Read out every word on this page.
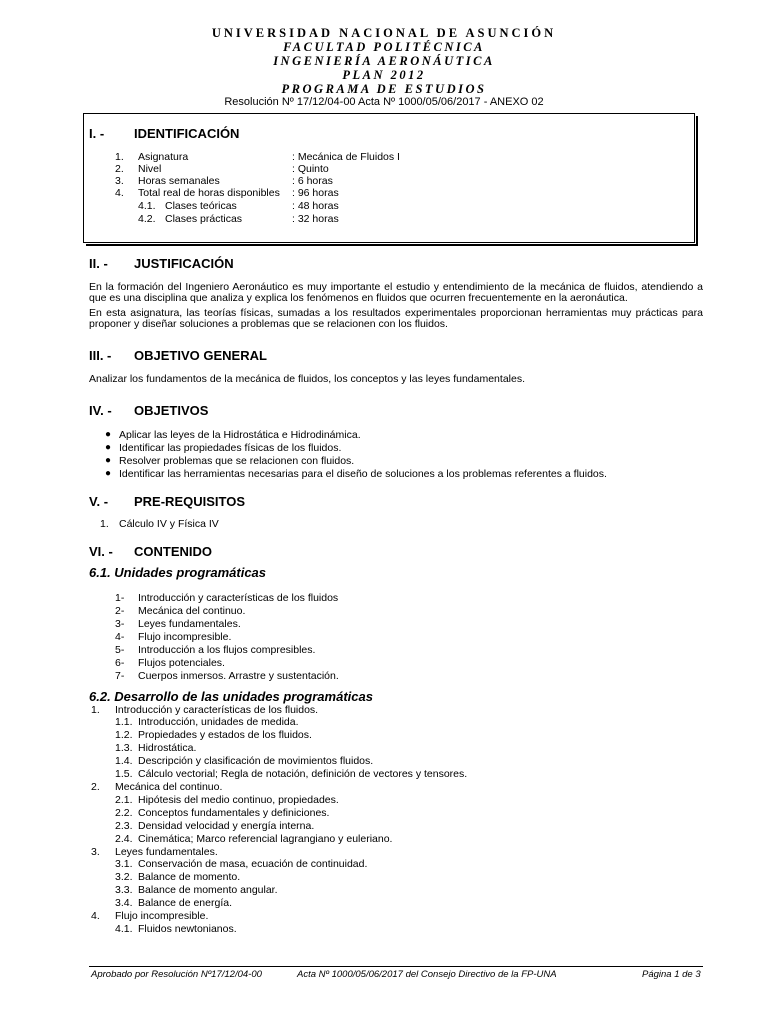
UNIVERSIDAD NACIONAL DE ASUNCIÓN
FACULTAD POLITÉCNICA
INGENIERÍA AERONÁUTICA
PLAN 2012
PROGRAMA DE ESTUDIOS
Resolución Nº 17/12/04-00 Acta Nº 1000/05/06/2017 - ANEXO 02
I. -	IDENTIFICACIÓN
1. Asignatura	: Mecánica de Fluidos I
2. Nivel	: Quinto
3. Horas semanales	: 6 horas
4. Total real de horas disponibles : 96 horas
4.1. Clases teóricas	: 48 horas
4.2. Clases prácticas	: 32 horas
II. -	JUSTIFICACIÓN
En la formación del Ingeniero Aeronáutico es muy importante el estudio y entendimiento de la mecánica de fluidos, atendiendo a que es una disciplina que analiza y explica los fenómenos en fluidos que ocurren frecuentemente en la aeronáutica.
En esta asignatura, las teorías físicas, sumadas a los resultados experimentales proporcionan herramientas muy prácticas para proponer y diseñar soluciones a problemas que se relacionen con los fluidos.
III. -	OBJETIVO GENERAL
Analizar los fundamentos de la mecánica de fluidos, los conceptos y las leyes fundamentales.
IV. -	OBJETIVOS
● Aplicar las leyes de la Hidrostática e Hidrodinámica.
● Identificar las propiedades físicas de los fluidos.
● Resolver problemas que se relacionen con fluidos.
● Identificar las herramientas necesarias para el diseño de soluciones a los problemas referentes a fluidos.
V. -	PRE-REQUISITOS
1. Cálculo IV y Física IV
VI. -	CONTENIDO
6.1. Unidades programáticas
1- Introducción y características de los fluidos
2- Mecánica del continuo.
3- Leyes fundamentales.
4- Flujo incompresible.
5- Introducción a los flujos compresibles.
6- Flujos potenciales.
7- Cuerpos inmersos. Arrastre y sustentación.
6.2. Desarrollo de las unidades programáticas
1. Introducción y características de los fluidos.
1.1. Introducción, unidades de medida.
1.2. Propiedades y estados de los fluidos.
1.3. Hidrostática.
1.4. Descripción y clasificación de movimientos fluidos.
1.5. Cálculo vectorial; Regla de notación, definición de vectores y tensores.
2. Mecánica del continuo.
2.1. Hipótesis del medio continuo, propiedades.
2.2. Conceptos fundamentales y definiciones.
2.3. Densidad velocidad y energía interna.
2.4. Cinemática; Marco referencial lagrangiano y euleriano.
3. Leyes fundamentales.
3.1. Conservación de masa, ecuación de continuidad.
3.2. Balance de momento.
3.3. Balance de momento angular.
3.4. Balance de energía.
4. Flujo incompresible.
4.1. Fluidos newtonianos.
Aprobado por Resolución Nº17/12/04-00	Acta Nº 1000/05/06/2017 del Consejo Directivo de la FP-UNA	Página 1 de 3
